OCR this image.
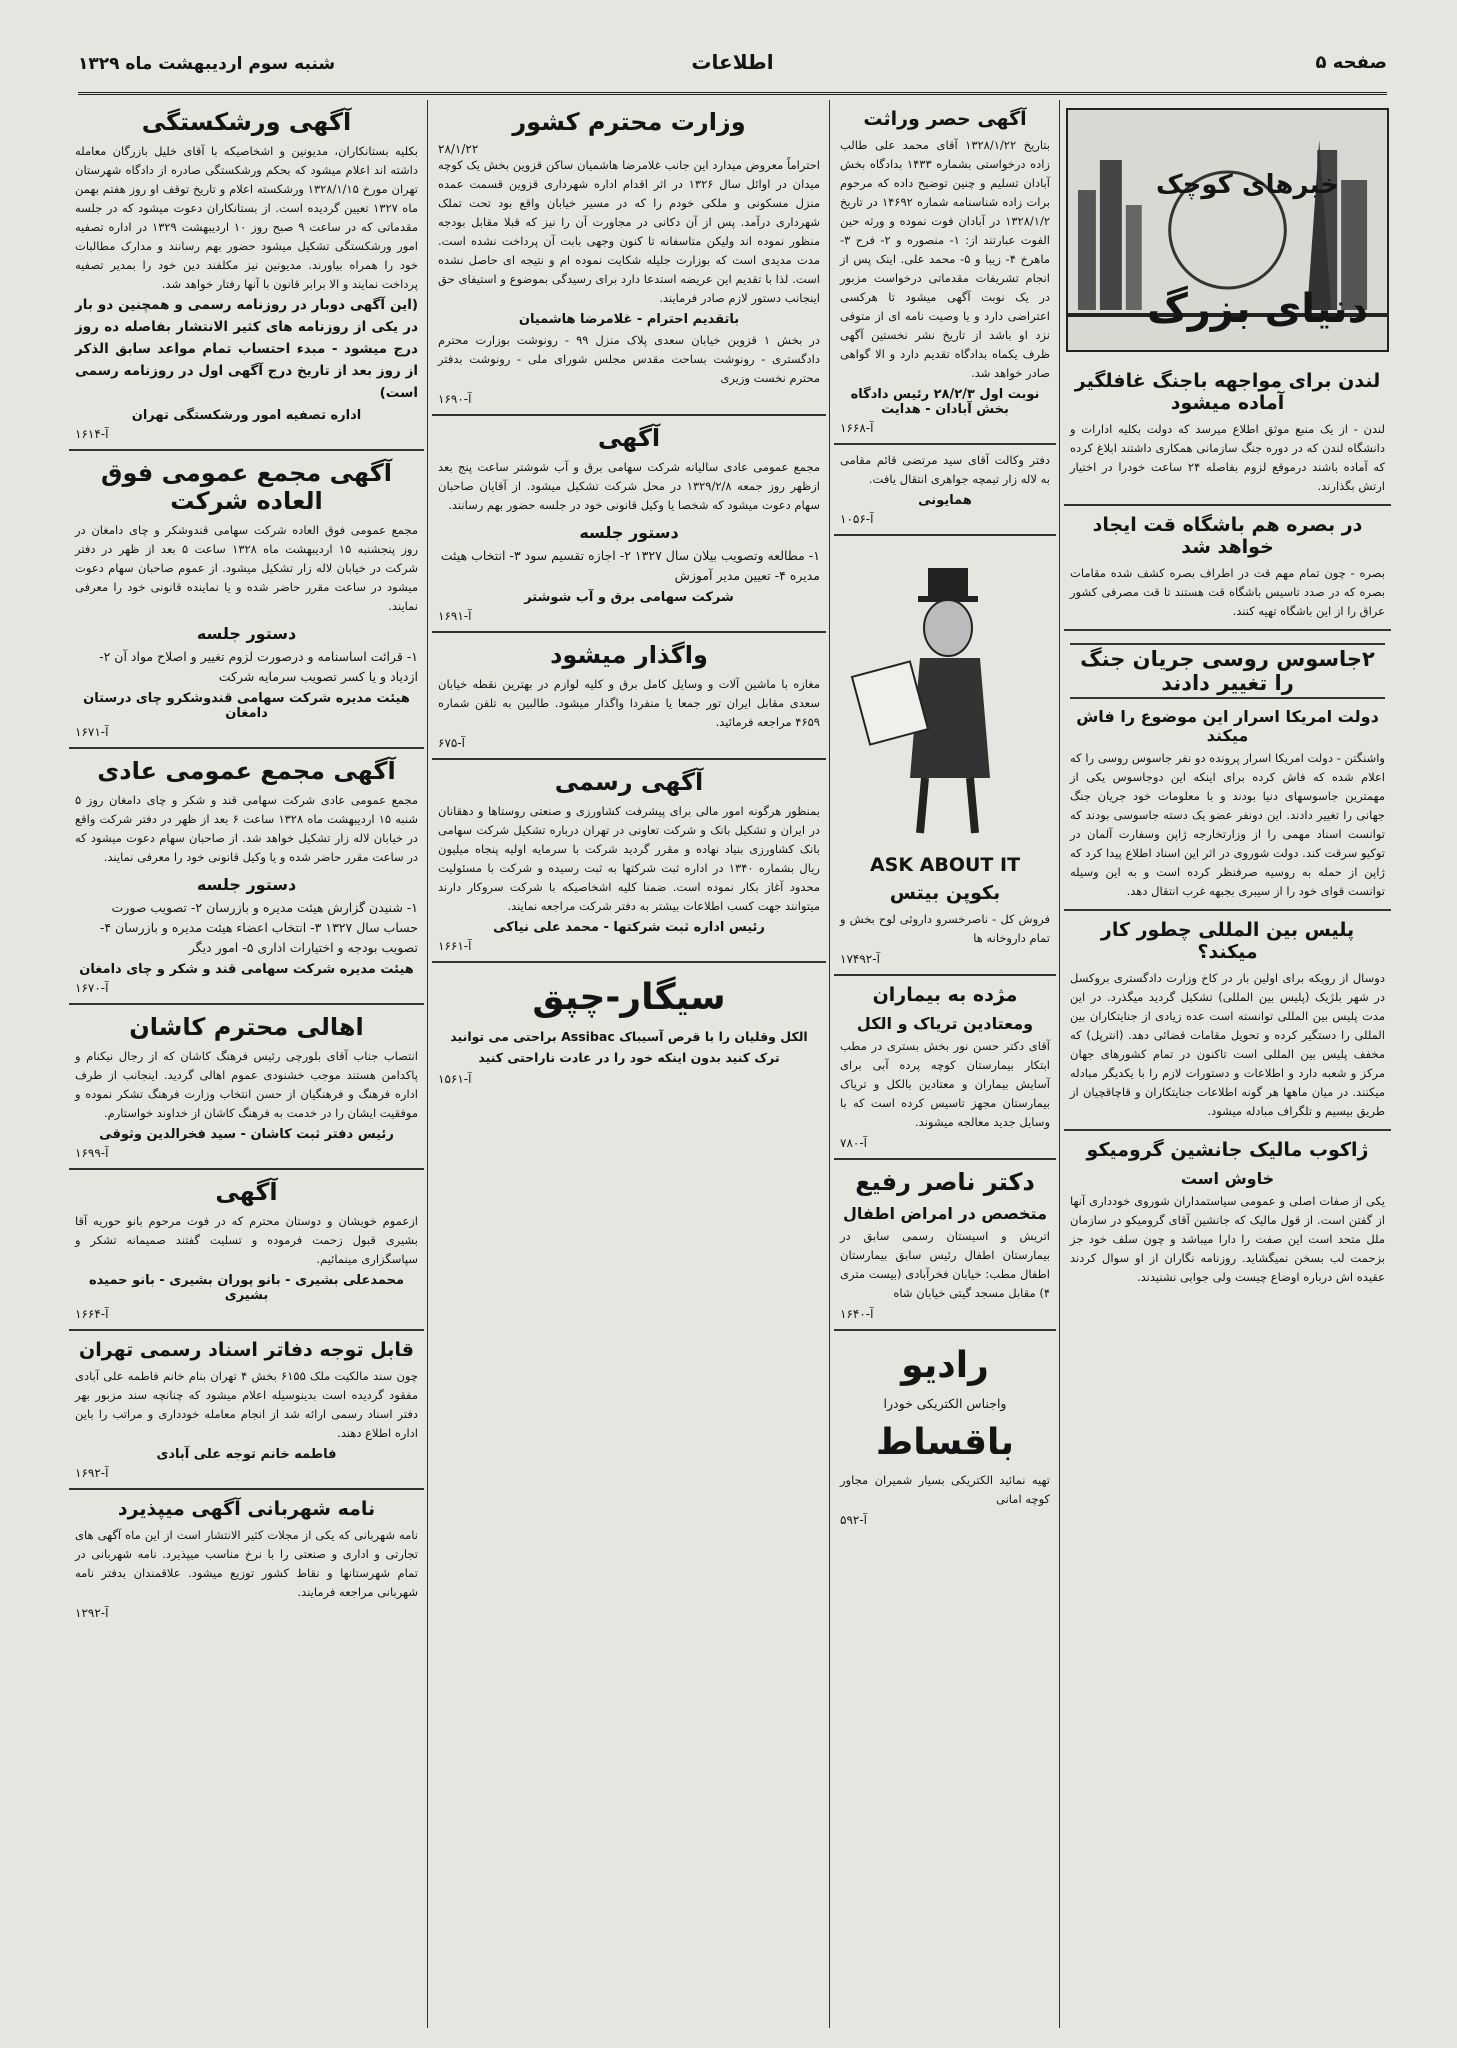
صفحه ۵
اطلاعات
شنبه سوم اردیبهشت ماه ۱۳۲۹
خبرهای کوچک
دنیای بزرگ
لندن برای مواجهه باجنگ غافلگیر آماده میشود
لندن - از یک منبع موثق اطلاع میرسد که دولت بکلیه ادارات و دانشگاه لندن که در دوره جنگ سازمانی همکاری داشتند ابلاغ کرده که آماده باشند درموقع لزوم بفاصله ۲۴ ساعت خودرا در اختیار ارتش بگذارند.
در بصره هم باشگاه قت ایجاد خواهد شد
بصره - چون تمام مهم قت در اطراف بصره کشف شده مقامات بصره که در صدد تاسیس باشگاه قت هستند تا قت مصرفی کشور عراق را از این باشگاه تهیه کنند.
۲جاسوس روسی جریان جنگ را تغییر دادند
دولت امریکا اسرار این موضوع را فاش میکند
واشنگتن - دولت امریکا اسرار پرونده دو نفر جاسوس روسی را که اعلام شده که فاش کرده برای اینکه این دوجاسوس یکی از مهمترین جاسوسهای دنیا بودند و با معلومات خود جریان جنگ جهانی را تغییر دادند. این دونفر عضو یک دسته جاسوسی بودند که توانست اسناد مهمی را از وزارتخارجه ژاپن وسفارت آلمان در توکیو سرقت کند. دولت شوروی در اثر این اسناد اطلاع پیدا کرد که ژاپن از حمله به روسیه صرفنظر کرده است و به این وسیله توانست قوای خود را از سیبری بجبهه غرب انتقال دهد.
پلیس بین المللی چطور کار میکند؟
دوسال از رویکه برای اولین بار در کاخ وزارت دادگستری بروکسل در شهر بلژیک (پلیس بین المللی) تشکیل گردید میگذرد. در این مدت پلیس بین المللی توانسته است عده زیادی از جنایتکاران بین المللی را دستگیر کرده و تحویل مقامات قضائی دهد. (انترپل) که مخفف پلیس بین المللی است تاکنون در تمام کشورهای جهان مرکز و شعبه دارد و اطلاعات و دستورات لازم را با یکدیگر مبادله میکنند. در میان ماهها هر گونه اطلاعات جنایتکاران و قاچاقچیان از طریق بیسیم و تلگراف مبادله میشود.
ژاکوب مالیک جانشین گرومیکو
خاوش است
یکی از صفات اصلی و عمومی سیاستمداران شوروی خودداری آنها از گفتن است. از قول مالیک که جانشین آقای گرومیکو در سازمان ملل متحد است این صفت را دارا میباشد و چون سلف خود جز بزحمت لب بسخن نمیگشاید. روزنامه نگاران از او سوال کردند عقیده اش درباره اوضاع چیست ولی جوابی نشنیدند.
آگهی حصر وراثت
بتاریخ ۱۳۲۸/۱/۲۲ آقای محمد علی طالب زاده درخواستی بشماره ۱۴۳۳ بدادگاه بخش آبادان تسلیم و چنین توضیح داده که مرحوم برات زاده شناسنامه شماره ۱۴۶۹۲ در تاریخ ۱۳۲۸/۱/۲ در آبادان فوت نموده و ورثه حین الفوت عبارتند از: ۱- منصوره و ۲- فرح ۳- ماهرخ ۴- زیبا و ۵- محمد علی. اینک پس از انجام تشریفات مقدماتی درخواست مزبور در یک نوبت آگهی میشود تا هرکسی اعتراضی دارد و یا وصیت نامه ای از متوفی نزد او باشد از تاریخ نشر نخستین آگهی ظرف یکماه بدادگاه تقدیم دارد و الا گواهی صادر خواهد شد.
نوبت اول ۲۸/۲/۳ رئیس دادگاه بخش آبادان - هدایت
آ-۱۶۶۸
دفتر وکالت آقای سید مرتضی قائم مقامی به لاله زار تیمچه جواهری انتقال یافت.
همایونی
آ-۱۰۵۶
ASK ABOUT IT
بکوپن بیتس
فروش کل - ناصرخسرو داروئی لوح بخش و تمام داروخانه ها
آ-۱۷۴۹۲
مژده به بیماران
ومعتادین تریاک و الکل
آقای دکتر حسن نور بخش بستری در مطب ابتکار بیمارستان کوچه پرده آبی برای آسایش بیماران و معتادین بالکل و تریاک بیمارستان مجهز تاسیس کرده است که با وسایل جدید معالجه میشوند.
آ-۷۸۰
دکتر ناصر رفیع
متخصص در امراض اطفال
اتریش و اسیستان رسمی سابق در بیمارستان اطفال رئیس سابق بیمارستان اطفال مطب: خیابان فخرآبادی (بیست متری ۴) مقابل مسجد گیتی خیابان شاه
آ-۱۶۴۰
رادیو
واجناس الکتریکی خودرا
باقساط
تهیه نمائید الکتریکی بسیار شمیران مجاور کوچه امانی
آ-۵۹۲
وزارت محترم کشور
۲۸/۱/۲۲
احتراماً معروض میدارد این جانب غلامرضا هاشمیان ساکن قزوین بخش یک کوچه میدان در اوائل سال ۱۳۲۶ در اثر اقدام اداره شهرداری قزوین قسمت عمده منزل مسکونی و ملکی خودم را که در مسیر خیابان واقع بود تحت تملک شهرداری درآمد. پس از آن دکانی در مجاورت آن را نیز که قبلا مقابل بودجه منظور نموده اند ولیکن متاسفانه تا کنون وجهی بابت آن پرداخت نشده است. مدت مدیدی است که بوزارت جلیله شکایت نموده ام و نتیجه ای حاصل نشده است. لذا با تقدیم این عریضه استدعا دارد برای رسیدگی بموضوع و استیفای حق اینجانب دستور لازم صادر فرمایند.
باتقدیم احترام - غلامرضا هاشمیان
در بخش ۱ قزوین خیابان سعدی پلاک منزل ۹۹ - رونوشت بوزارت محترم دادگستری - رونوشت بساحت مقدس مجلس شورای ملی - رونوشت بدفتر محترم نخست وزیری
آ-۱۶۹۰
آگهی
مجمع عمومی عادی سالیانه شرکت سهامی برق و آب شوشتر ساعت پنج بعد ازظهر روز جمعه ۱۳۲۹/۲/۸ در محل شرکت تشکیل میشود. از آقایان صاحبان سهام دعوت میشود که شخصا یا وکیل قانونی خود در جلسه حضور بهم رسانند.
دستور جلسه
۱- مطالعه وتصویب بیلان سال ۱۳۲۷ ۲- اجازه تقسیم سود ۳- انتخاب هیئت مدیره ۴- تعیین مدیر آموزش
شرکت سهامی برق و آب شوشتر
آ-۱۶۹۱
واگذار میشود
مغازه با ماشین آلات و وسایل کامل برق و کلیه لوازم در بهترین نقطه خیابان سعدی مقابل ایران تور جمعا یا منفردا واگذار میشود. طالبین به تلفن شماره ۴۶۵۹ مراجعه فرمائید.
آ-۶۷۵
آگهی رسمی
بمنظور هرگونه امور مالی برای پیشرفت کشاورزی و صنعتی روستاها و دهقانان در ایران و تشکیل بانک و شرکت تعاونی در تهران درباره تشکیل شرکت سهامی بانک کشاورزی بنیاد نهاده و مقرر گردید شرکت با سرمایه اولیه پنجاه میلیون ریال بشماره ۱۳۴۰ در اداره ثبت شرکتها به ثبت رسیده و شرکت با مسئولیت محدود آغاز بکار نموده است. ضمنا کلیه اشخاصیکه با شرکت سروکار دارند میتوانند جهت کسب اطلاعات بیشتر به دفتر شرکت مراجعه نمایند.
رئیس اداره ثبت شرکتها - محمد علی نیاکی
آ-۱۶۶۱
سیگار-چپق
الکل وقلیان را با قرص آسیباک Assibac براحتی می توانید ترک کنید بدون اینکه خود را در عادت ناراحتی کنید
آ-۱۵۶۱
آگهی ورشکستگی
بکلیه بستانکاران، مدیونین و اشخاصیکه با آقای خلیل بازرگان معامله داشته اند اعلام میشود که بحکم ورشکستگی صادره از دادگاه شهرستان تهران مورخ ۱۳۲۸/۱/۱۵ ورشکسته اعلام و تاریخ توقف او روز هفتم بهمن ماه ۱۳۲۷ تعیین گردیده است. از بستانکاران دعوت میشود که در جلسه مقدماتی که در ساعت ۹ صبح روز ۱۰ اردیبهشت ۱۳۲۹ در اداره تصفیه امور ورشکستگی تشکیل میشود حضور بهم رسانند و مدارک مطالبات خود را همراه بیاورند. مدیونین نیز مکلفند دین خود را بمدیر تصفیه پرداخت نمایند و الا برابر قانون با آنها رفتار خواهد شد.
(این آگهی دوبار در روزنامه رسمی و همچنین دو بار در یکی از روزنامه های کثیر الانتشار بفاصله ده روز درج میشود - مبدء احتساب تمام مواعد سابق الذکر از روز بعد از تاریخ درج آگهی اول در روزنامه رسمی است)
اداره تصفیه امور ورشکستگی تهران
آ-۱۶۱۴
آگهی مجمع عمومی فوق العاده شرکت
مجمع عمومی فوق العاده شرکت سهامی قندوشکر و چای دامغان در روز پنجشنبه ۱۵ اردیبهشت ماه ۱۳۲۸ ساعت ۵ بعد از ظهر در دفتر شرکت در خیابان لاله زار تشکیل میشود. از عموم صاحبان سهام دعوت میشود در ساعت مقرر حاضر شده و یا نماینده قانونی خود را معرفی نمایند.
دستور جلسه
۱- قرائت اساسنامه و درصورت لزوم تغییر و اصلاح مواد آن ۲- ازدیاد و یا کسر تصویب سرمایه شرکت
هیئت مدیره شرکت سهامی قندوشکرو چای درستان دامغان
آ-۱۶۷۱
آگهی مجمع عمومی عادی
مجمع عمومی عادی شرکت سهامی قند و شکر و چای دامغان روز ۵ شنبه ۱۵ اردیبهشت ماه ۱۳۲۸ ساعت ۶ بعد از ظهر در دفتر شرکت واقع در خیابان لاله زار تشکیل خواهد شد. از صاحبان سهام دعوت میشود که در ساعت مقرر حاضر شده و یا وکیل قانونی خود را معرفی نمایند.
دستور جلسه
۱- شنیدن گزارش هیئت مدیره و بازرسان ۲- تصویب صورت حساب سال ۱۳۲۷ ۳- انتخاب اعضاء هیئت مدیره و بازرسان ۴- تصویب بودجه و اختیارات اداری ۵- امور دیگر
هیئت مدیره شرکت سهامی قند و شکر و چای دامغان
آ-۱۶۷۰
اهالی محترم کاشان
انتصاب جناب آقای بلورچی رئیس فرهنگ کاشان که از رجال نیکنام و پاکدامن هستند موجب خشنودی عموم اهالی گردید. اینجانب از طرف اداره فرهنگ و فرهنگیان از حسن انتخاب وزارت فرهنگ تشکر نموده و موفقیت ایشان را در خدمت به فرهنگ کاشان از خداوند خواستارم.
رئیس دفتر ثبت کاشان - سید فخرالدین وثوقی
آ-۱۶۹۹
آگهی
ازعموم خویشان و دوستان محترم که در فوت مرحوم بانو حوریه آقا بشیری قبول زحمت فرموده و تسلیت گفتند صمیمانه تشکر و سپاسگزاری مینمائیم.
محمدعلی بشیری - بانو پوران بشیری - بانو حمیده بشیری
آ-۱۶۶۴
قابل توجه دفاتر اسناد رسمی تهران
چون سند مالکیت ملک ۶۱۵۵ بخش ۴ تهران بنام خانم فاطمه علی آبادی مفقود گردیده است بدینوسیله اعلام میشود که چنانچه سند مزبور بهر دفتر اسناد رسمی ارائه شد از انجام معامله خودداری و مراتب را باین اداره اطلاع دهند.
فاطمه خانم توجه علی آبادی
آ-۱۶۹۲
نامه شهربانی آگهی میپذیرد
نامه شهربانی که یکی از مجلات کثیر الانتشار است از این ماه آگهی های تجارتی و اداری و صنعتی را با نرخ مناسب میپذیرد. نامه شهربانی در تمام شهرستانها و نقاط کشور توزیع میشود. علاقمندان بدفتر نامه شهربانی مراجعه فرمایند.
آ-۱۲۹۲
